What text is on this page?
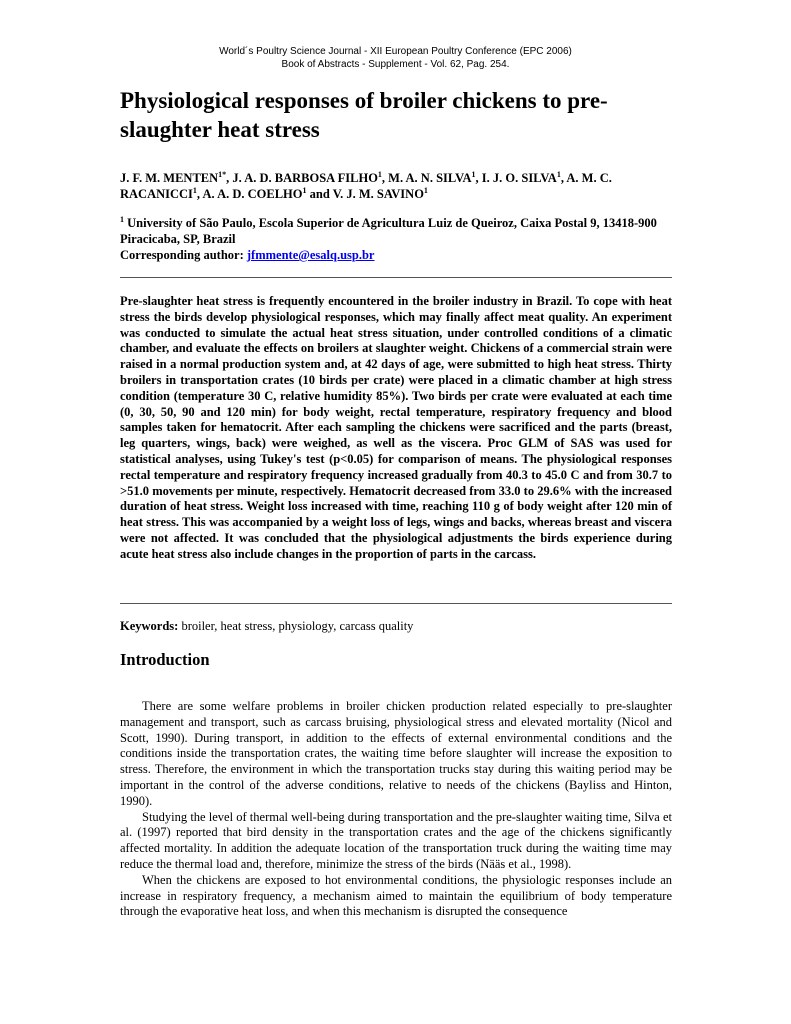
World´s Poultry Science Journal - XII European Poultry Conference (EPC 2006)
Book of Abstracts - Supplement - Vol. 62, Pag. 254.
Physiological responses of broiler chickens to pre-slaughter heat stress
J. F. M. $MENTEN^{1*}$, J. A. D. BARBOSA FILHO$^1$, M. A. N. SILVA$^1$, I. J. O. SILVA$^1$, A. M. C. RACANICCI$^1$, A. A. D. COELHO$^1$ and V. J. M. SAVINO$^1$
$^1$ University of São Paulo, Escola Superior de Agricultura Luiz de Queiroz, Caixa Postal 9, 13418-900 Piracicaba, SP, Brazil
Corresponding author: jfmmente@esalq.usp.br

Pre-slaughter heat stress is frequently encountered in the broiler industry in Brazil. To cope with heat stress the birds develop physiological responses, which may finally affect meat quality. An experiment was conducted to simulate the actual heat stress situation, under controlled conditions of a climatic chamber, and evaluate the effects on broilers at slaughter weight. Chickens of a commercial strain were raised in a normal production system and, at 42 days of age, were submitted to high heat stress. Thirty broilers in transportation crates (10 birds per crate) were placed in a climatic chamber at high stress condition (temperature 30 C, relative humidity 85%). Two birds per crate were evaluated at each time (0, 30, 50, 90 and 120 min) for body weight, rectal temperature, respiratory frequency and blood samples taken for hematocrit. After each sampling the chickens were sacrificed and the parts (breast, leg quarters, wings, back) were weighed, as well as the viscera. Proc GLM of SAS was used for statistical analyses, using Tukey's test (p<0.05) for comparison of means. The physiological responses rectal temperature and respiratory frequency increased gradually from 40.3 to 45.0 C and from 30.7 to >51.0 movements per minute, respectively. Hematocrit decreased from 33.0 to 29.6% with the increased duration of heat stress. Weight loss increased with time, reaching 110 g of body weight after 120 min of heat stress. This was accompanied by a weight loss of legs, wings and backs, whereas breast and viscera were not affected. It was concluded that the physiological adjustments the birds experience during acute heat stress also include changes in the proportion of parts in the carcass.

Keywords: broiler, heat stress, physiology, carcass quality
Introduction

There are some welfare problems in broiler chicken production related especially to pre-slaughter management and transport, such as carcass bruising, physiological stress and elevated mortality (Nicol and Scott, 1990). During transport, in addition to the effects of external environmental conditions and the conditions inside the transportation crates, the waiting time before slaughter will increase the exposition to stress. Therefore, the environment in which the transportation trucks stay during this waiting period may be important in the control of the adverse conditions, relative to needs of the chickens (Bayliss and Hinton, 1990).

Studying the level of thermal well-being during transportation and the pre-slaughter waiting time, Silva et al. (1997) reported that bird density in the transportation crates and the age of the chickens significantly affected mortality. In addition the adequate location of the transportation truck during the waiting time may reduce the thermal load and, therefore, minimize the stress of the birds (Nääs et al., 1998).

When the chickens are exposed to hot environmental conditions, the physiologic responses include an increase in respiratory frequency, a mechanism aimed to maintain the equilibrium of body temperature through the evaporative heat loss, and when this mechanism is disrupted the consequence
